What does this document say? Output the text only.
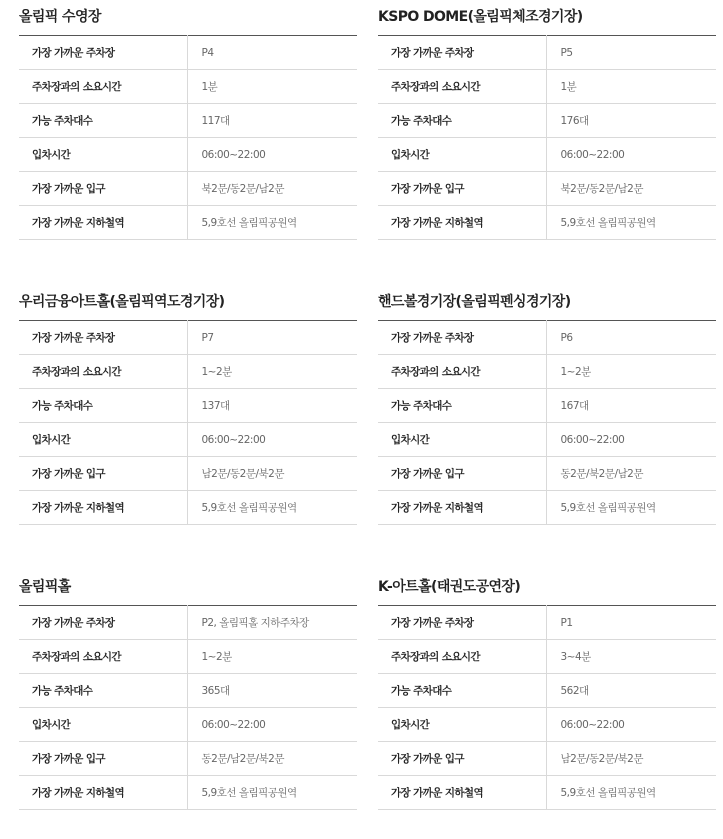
올림픽 수영장
가장 가까운 주차장	P4
주차장과의 소요시간	1분
가능 주차대수	117대
입차시간	06:00~22:00
가장 가까운 입구	북2문/동2문/남2문
가장 가까운 지하철역	5,9호선 올림픽공원역
KSPO DOME(올림픽체조경기장)
가장 가까운 주차장	P5
주차장과의 소요시간	1분
가능 주차대수	176대
입차시간	06:00~22:00
가장 가까운 입구	북2문/동2문/남2문
가장 가까운 지하철역	5,9호선 올림픽공원역
우리금융아트홀(올림픽역도경기장)
가장 가까운 주차장	P7
주차장과의 소요시간	1~2분
가능 주차대수	137대
입차시간	06:00~22:00
가장 가까운 입구	남2문/동2문/북2문
가장 가까운 지하철역	5,9호선 올림픽공원역
핸드볼경기장(올림픽펜싱경기장)
가장 가까운 주차장	P6
주차장과의 소요시간	1~2분
가능 주차대수	167대
입차시간	06:00~22:00
가장 가까운 입구	동2문/북2문/남2문
가장 가까운 지하철역	5,9호선 올림픽공원역
올림픽홀
가장 가까운 주차장	P2, 올림픽홀 지하주차장
주차장과의 소요시간	1~2분
가능 주차대수	365대
입차시간	06:00~22:00
가장 가까운 입구	동2문/남2문/북2문
가장 가까운 지하철역	5,9호선 올림픽공원역
K-아트홀(태권도공연장)
가장 가까운 주차장	P1
주차장과의 소요시간	3~4분
가능 주차대수	562대
입차시간	06:00~22:00
가장 가까운 입구	남2문/동2문/북2문
가장 가까운 지하철역	5,9호선 올림픽공원역
